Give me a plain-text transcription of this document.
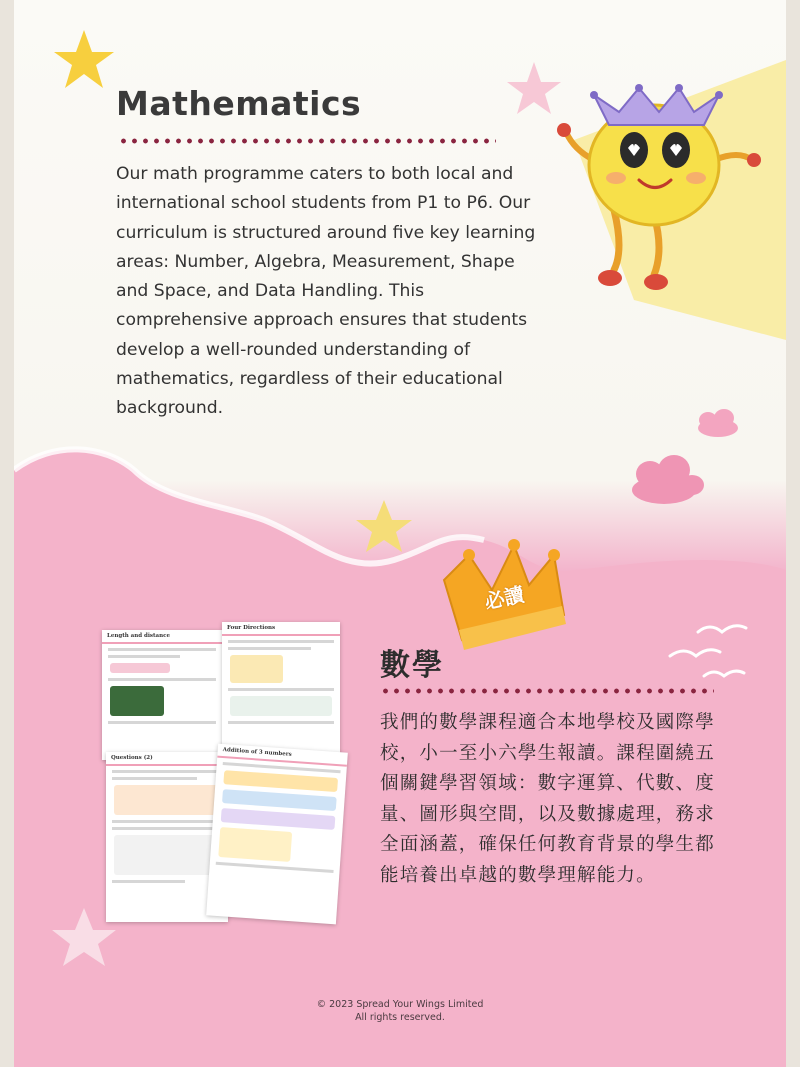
Mathematics

Our math programme caters to both local and international school students from P1 to P6. Our curriculum is structured around five key learning areas: Number, Algebra, Measurement, Shape and Space, and Data Handling. This comprehensive approach ensures that students develop a well-rounded understanding of mathematics, regardless of their educational background.

必讀
Length and distance
Four Directions
Questions (2)
Addition of 3 numbers
數學

我們的數學課程適合本地學校及國際學校，小一至小六學生報讀。課程圍繞五個關鍵學習領域：數字運算、代數、度量、圖形與空間，以及數據處理，務求全面涵蓋，確保任何教育背景的學生都能培養出卓越的數學理解能力。

© 2023 Spread Your Wings Limited
All rights reserved.
